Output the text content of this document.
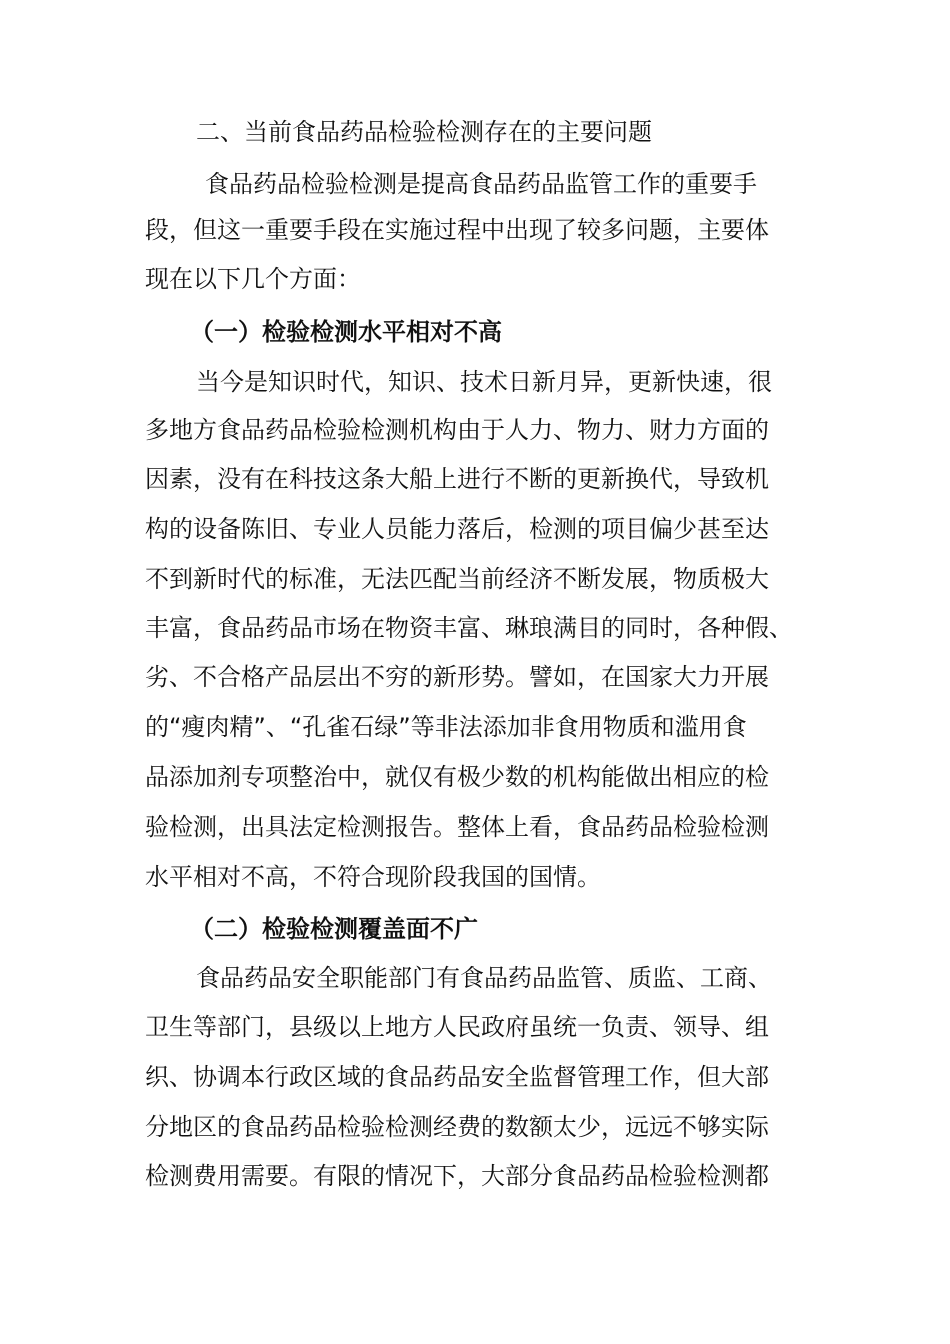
二、当前食品药品检验检测存在的主要问题
食品药品检验检测是提高食品药品监管工作的重要手
段，但这一重要手段在实施过程中出现了较多问题，主要体
现在以下几个方面：
（一）检验检测水平相对不高
当今是知识时代，知识、技术日新月异，更新快速，很
多地方食品药品检验检测机构由于人力、物力、财力方面的
因素，没有在科技这条大船上进行不断的更新换代，导致机
构的设备陈旧、专业人员能力落后，检测的项目偏少甚至达
不到新时代的标准，无法匹配当前经济不断发展，物质极大
丰富，食品药品市场在物资丰富、琳琅满目的同时，各种假、
劣、不合格产品层出不穷的新形势。譬如，在国家大力开展
的“瘦肉精”、“孔雀石绿”等非法添加非食用物质和滥用食
品添加剂专项整治中，就仅有极少数的机构能做出相应的检
验检测，出具法定检测报告。整体上看，食品药品检验检测
水平相对不高，不符合现阶段我国的国情。
（二）检验检测覆盖面不广
食品药品安全职能部门有食品药品监管、质监、工商、
卫生等部门，县级以上地方人民政府虽统一负责、领导、组
织、协调本行政区域的食品药品安全监督管理工作，但大部
分地区的食品药品检验检测经费的数额太少，远远不够实际
检测费用需要。有限的情况下，大部分食品药品检验检测都
